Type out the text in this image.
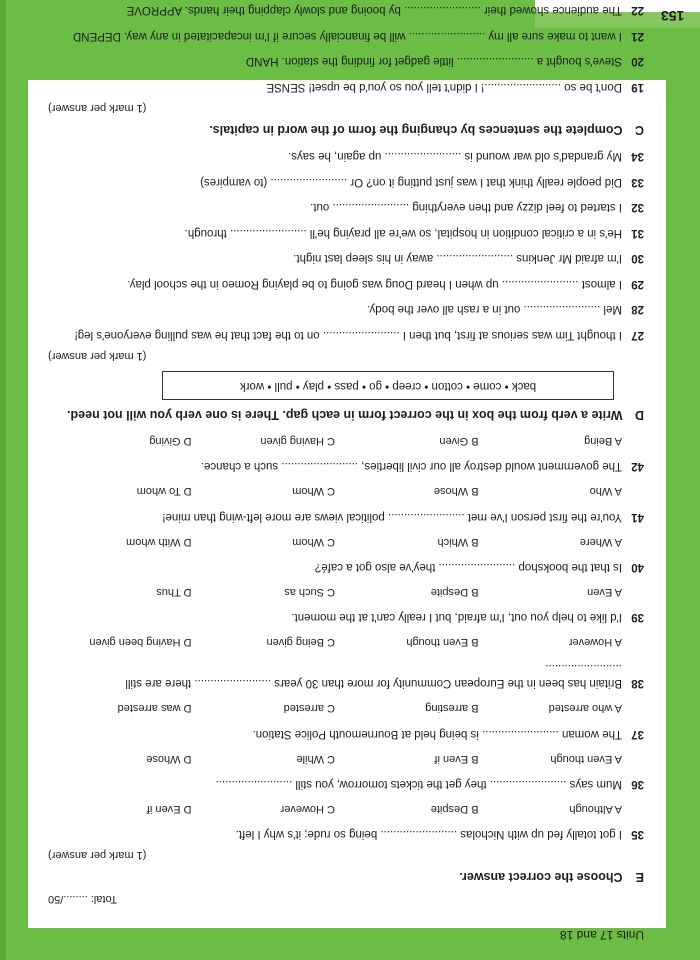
153
Total: ......../50
E Choose the correct answer.
(1 mark per answer)
35
I got totally fed up with Nicholas ........................ being so rude; it's why I left.
A Although
B Despite
C However
D Even if
36
Mum says ........................ they get the tickets tomorrow, you still ........................
A Even though
B Even if
C While
D Whose
37
The woman ........................ is being held at Bournemouth Police Station.
A who arrested
B arresting
C arrested
D was arrested
38
Britain has been in the European Community for more than 30 years ........................ there are still ........................
A However
B Even though
C Being given
D Having been given
39
I'd like to help you out, I'm afraid, but I really can't at the moment.
A Even
B Despite
C Such as
D Thus
40
Is that the bookshop ........................ they've also got a café?
A Where
B Which
C Whom
D With whom
41
You're the first person I've met ........................ political views are more left-wing than mine!
A Who
B Whose
C Whom
D To whom
42
The government would destroy all our civil liberties, ........................ such a chance.
A Being
B Given
C Having given
D Giving
D Write a verb from the box in the correct form in each gap. There is one verb you will not need.
back • come • cotton • creep • go • pass • play • pull • work
(1 mark per answer)
27
I thought Tim was serious at first, but then I ........................ on to the fact that he was pulling everyone's leg!
28
Mel ........................ out in a rash all over the body.
29
I almost ........................ up when I heard Doug was going to be playing Romeo in the school play.
30
I'm afraid Mr Jenkins ........................ away in his sleep last night.
31
He's in a critical condition in hospital, so we're all praying he'll ........................ through.
32
I started to feel dizzy and then everything ........................ out.
33
Did people really think that I was just putting it on? Or ........................ (to vampires)
34
My grandad's old war wound is ........................ up again, he says.
C Complete the sentences by changing the form of the word in capitals.
(1 mark per answer)
19
Don't be so ........................! I didn't tell you so you'd be upset! SENSE
20
Steve's bought a ........................ little gadget for finding the station. HAND
21
I want to make sure all my ........................ will be financially secure if I'm incapacitated in any way. DEPEND
22
The audience showed their ........................ by booing and slowly clapping their hands. APPROVE
Units 17 and 18
